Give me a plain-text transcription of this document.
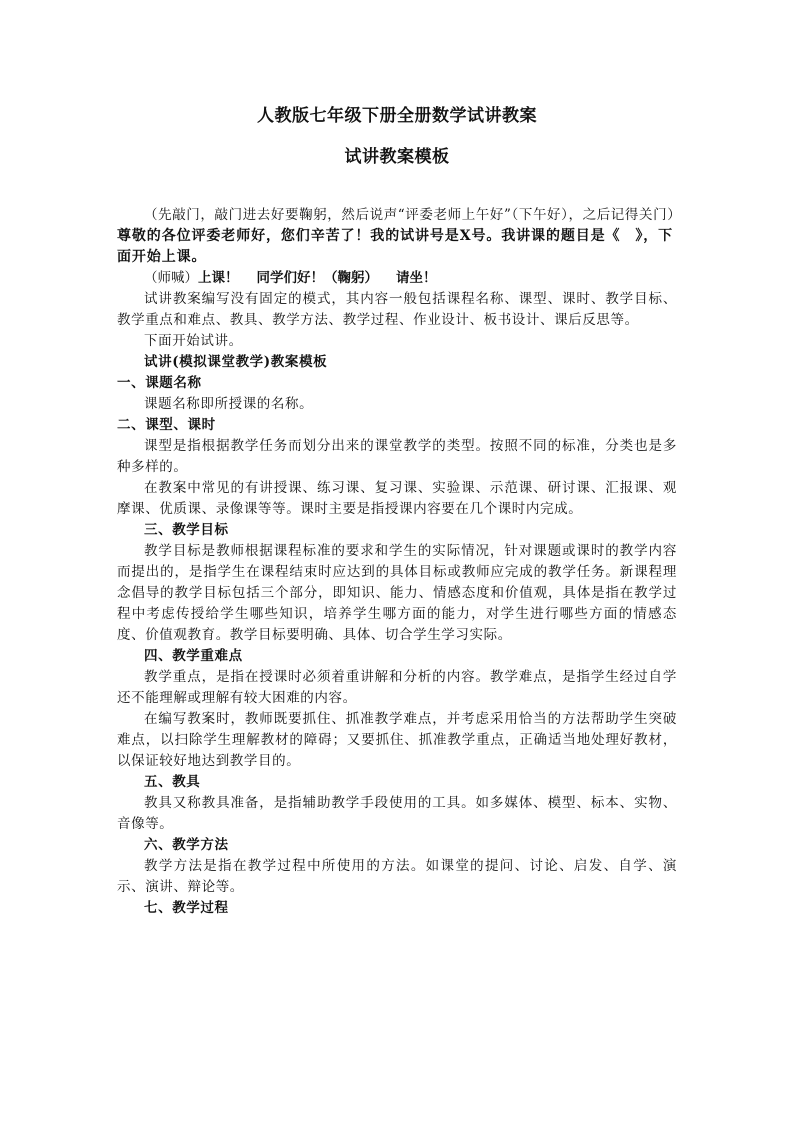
人教版七年级下册全册数学试讲教案

试讲教案模板

（先敲门，敲门进去好要鞠躬，然后说声“评委老师上午好”（下午好），之后记得关门）

尊敬的各位评委老师好，您们辛苦了！我的试讲号是X号。我讲课的题目是《　》，下面开始上课。

（师喊）上课！ 同学们好！（鞠躬） 请坐！

试讲教案编写没有固定的模式，其内容一般包括课程名称、课型、课时、教学目标、教学重点和难点、教具、教学方法、教学过程、作业设计、板书设计、课后反思等。

下面开始试讲。

试讲(模拟课堂教学)教案模板

一、课题名称

课题名称即所授课的名称。

二、课型、课时

课型是指根据教学任务而划分出来的课堂教学的类型。按照不同的标准，分类也是多种多样的。

在教案中常见的有讲授课、练习课、复习课、实验课、示范课、研讨课、汇报课、观摩课、优质课、录像课等等。课时主要是指授课内容要在几个课时内完成。

三、教学目标

教学目标是教师根据课程标准的要求和学生的实际情况，针对课题或课时的教学内容而提出的，是指学生在课程结束时应达到的具体目标或教师应完成的教学任务。新课程理念倡导的教学目标包括三个部分，即知识、能力、情感态度和价值观，具体是指在教学过程中考虑传授给学生哪些知识，培养学生哪方面的能力，对学生进行哪些方面的情感态度、价值观教育。教学目标要明确、具体、切合学生学习实际。

四、教学重难点

教学重点，是指在授课时必须着重讲解和分析的内容。教学难点，是指学生经过自学还不能理解或理解有较大困难的内容。

在编写教案时，教师既要抓住、抓准教学难点，并考虑采用恰当的方法帮助学生突破难点，以扫除学生理解教材的障碍；又要抓住、抓准教学重点，正确适当地处理好教材，以保证较好地达到教学目的。

五、教具

教具又称教具准备，是指辅助教学手段使用的工具。如多媒体、模型、标本、实物、音像等。

六、教学方法

教学方法是指在教学过程中所使用的方法。如课堂的提问、讨论、启发、自学、演示、演讲、辩论等。

七、教学过程
